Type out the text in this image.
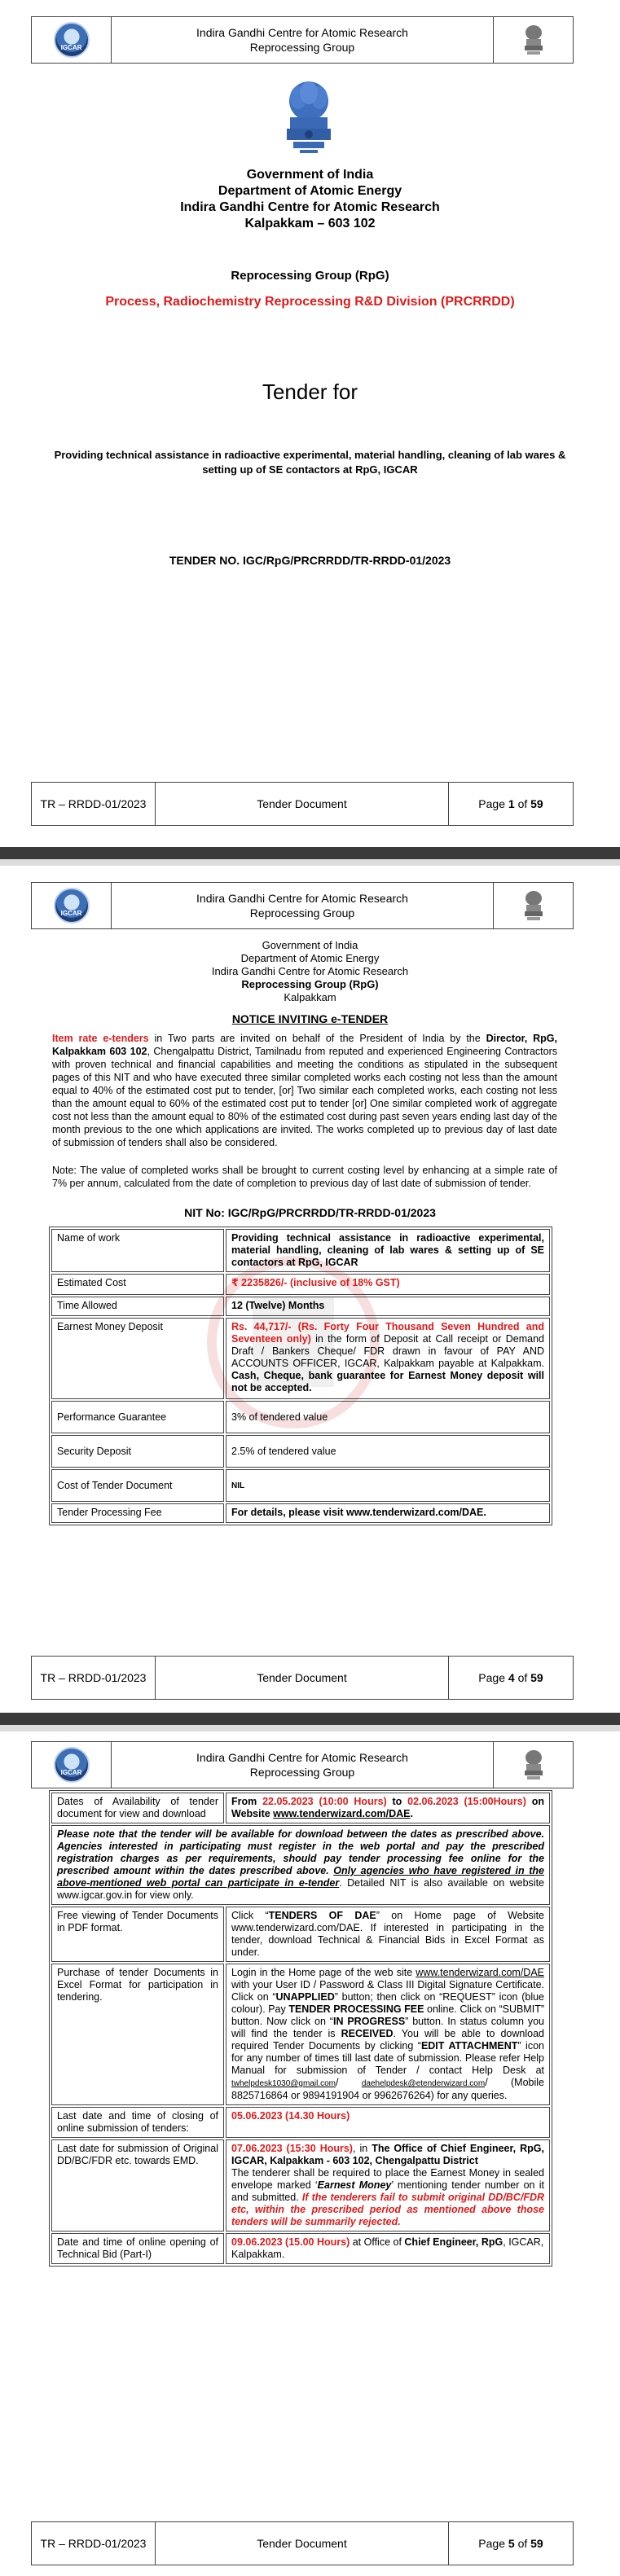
IGCAR
Indira Gandhi Centre for Atomic Research
Reprocessing Group
Government of India
Department of Atomic Energy
Indira Gandhi Centre for Atomic Research
Kalpakkam – 603 102
Reprocessing Group (RpG)
Process, Radiochemistry Reprocessing R&D Division (PRCRRDD)
Tender for
Providing technical assistance in radioactive experimental, material handling, cleaning of lab wares & setting up of SE contactors at RpG, IGCAR
TENDER NO. IGC/RpG/PRCRRDD/TR-RRDD-01/2023
TR – RRDD-01/2023	Tender Document	Page
1
of
59
IGCAR
Indira Gandhi Centre for Atomic Research
Reprocessing Group
Government of India
Department of Atomic Energy
Indira Gandhi Centre for Atomic Research
Reprocessing Group (RpG)
Kalpakkam
NOTICE INVITING e-TENDER
Item rate e-tenders in Two parts are invited on behalf of the President of India by the Director, RpG, Kalpakkam 603 102, Chengalpattu District, Tamilnadu from reputed and experienced Engineering Contractors with proven technical and financial capabilities and meeting the conditions as stipulated in the subsequent pages of this NIT and who have executed three similar completed works each costing not less than the amount equal to 40% of the estimated cost put to tender, [or] Two similar each completed works, each costing not less than the amount equal to 60% of the estimated cost put to tender [or] One similar completed work of aggregate cost not less than the amount equal to 80% of the estimated cost during past seven years ending last day of the month previous to the one which applications are invited. The works completed up to previous day of last date of submission of tenders shall also be considered.
Note: The value of completed works shall be brought to current costing level by enhancing at a simple rate of 7% per annum, calculated from the date of completion to previous day of last date of submission of tender.
NIT No: IGC/RpG/PRCRRDD/TR-RRDD-01/2023
Name of work	Providing technical assistance in radioactive experimental, material handling, cleaning of lab wares & setting up of SE contactors at RpG, IGCAR
Estimated Cost	₹ 2235826/- (inclusive of 18% GST)
Time Allowed	12 (Twelve) Months
Earnest Money Deposit	Rs. 44,717/- (Rs. Forty Four Thousand Seven Hundred and Seventeen only) in the form of Deposit at Call receipt or Demand Draft / Bankers Cheque/ FDR drawn in favour of PAY AND ACCOUNTS OFFICER, IGCAR, Kalpakkam payable at Kalpakkam. Cash, Cheque, bank guarantee for Earnest Money deposit will not be accepted.
Performance Guarantee	3% of tendered value
Security Deposit	2.5% of tendered value
Cost of Tender Document	NIL
Tender Processing Fee	For details, please visit www.tenderwizard.com/DAE.
TR – RRDD-01/2023	Tender Document	Page
4
of
59
IGCAR
Indira Gandhi Centre for Atomic Research
Reprocessing Group
Dates of Availability of tender document for view and download	From 22.05.2023 (10:00 Hours) to 02.06.2023 (15:00Hours) on Website www.tenderwizard.com/DAE.
Please note that the tender will be available for download between the dates as prescribed above. Agencies interested in participating must register in the web portal and pay the prescribed registration charges as per requirements, should pay tender processing fee online for the prescribed amount within the dates prescribed above. Only agencies who have registered in the above-mentioned web portal can participate in e-tender. Detailed NIT is also available on website www.igcar.gov.in for view only.	
Free viewing of Tender Documents in PDF format.	Click “TENDERS OF DAE” on Home page of Website www.tenderwizard.com/DAE. If interested in participating in the tender, download Technical & Financial Bids in Excel Format as under.
Purchase of tender Documents in Excel Format for participation in tendering.	Login in the Home page of the web site www.tenderwizard.com/DAE with your User ID / Password & Class III Digital Signature Certificate. Click on “UNAPPLIED” button; then click on “REQUEST” icon (blue colour). Pay TENDER PROCESSING FEE online. Click on “SUBMIT” button. Now click on “IN PROGRESS” button. In status column you will find the tender is RECEIVED. You will be able to download required Tender Documents by clicking “EDIT ATTACHMENT” icon for any number of times till last date of submission. Please refer Help Manual for submission of Tender / contact Help Desk at twhelpdesk1030@gmail.com/ daehelpdesk@etenderwizard.com/ (Mobile 8825716864 or 9894191904 or 9962676264) for any queries.
Last date and time of closing of online submission of tenders:	05.06.2023 (14.30 Hours)
Last date for submission of Original DD/BC/FDR etc. towards EMD.	07.06.2023 (15:30 Hours), in The Office of Chief Engineer, RpG, IGCAR, Kalpakkam - 603 102, Chengalpattu District
The tenderer shall be required to place the Earnest Money in sealed envelope marked ‘Earnest Money’ mentioning tender number on it and submitted. If the tenderers fail to submit original DD/BC/FDR etc, within the prescribed period as mentioned above those tenders will be summarily rejected.
Date and time of online opening of Technical Bid (Part-I)	09.06.2023 (15.00 Hours) at Office of Chief Engineer, RpG, IGCAR, Kalpakkam.
TR – RRDD-01/2023	Tender Document	Page
5
of
59
